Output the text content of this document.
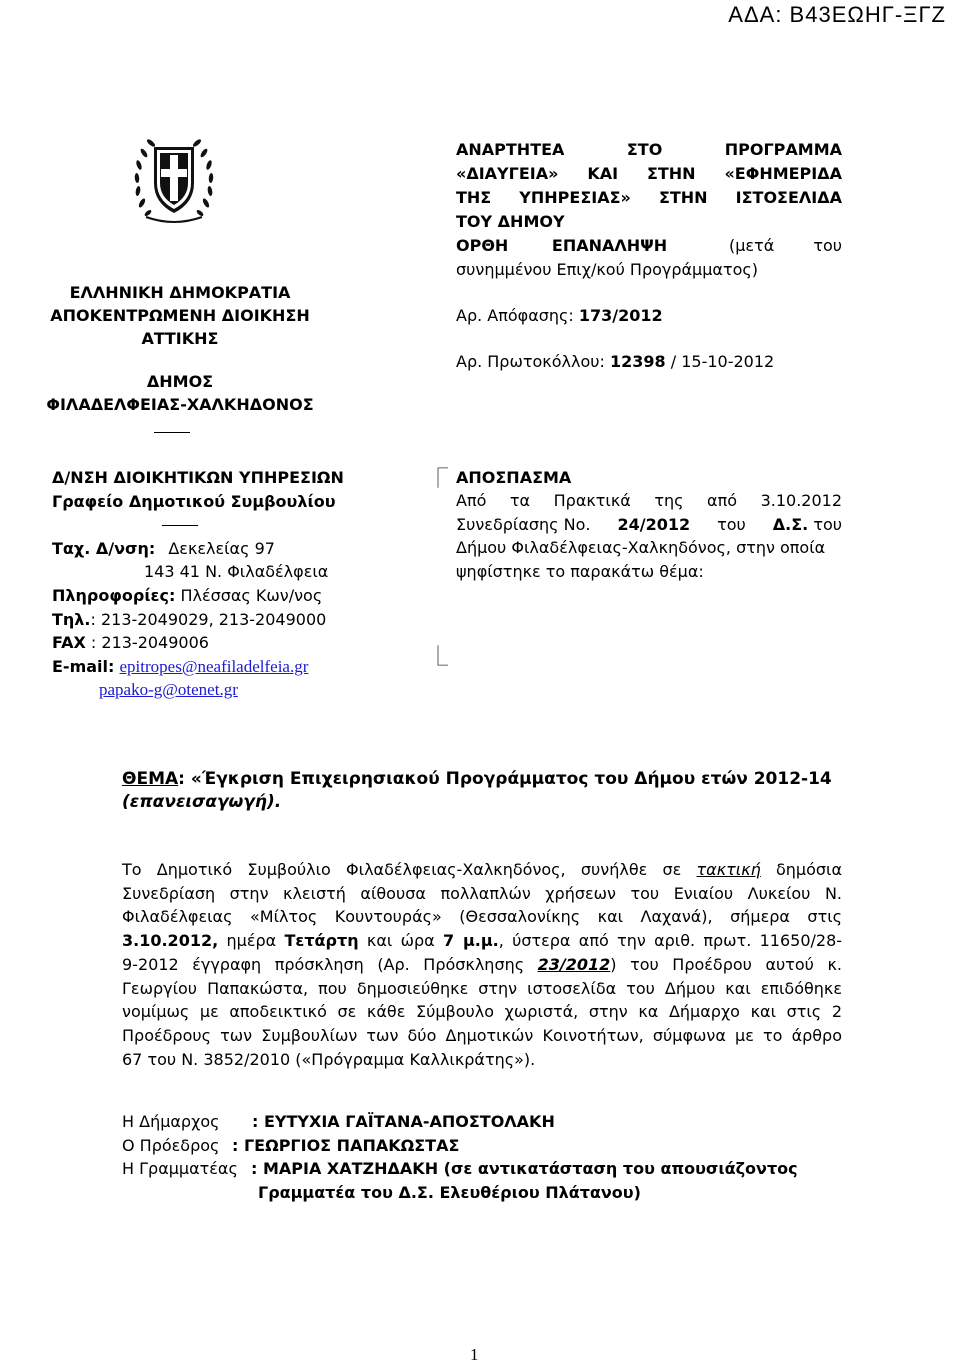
ΑΔΑ: Β43ΕΩΗΓ-ΞΓΖ
ΕΛΛΗΝΙΚΗ ΔΗΜΟΚΡΑΤΙΑ
ΑΠΟΚΕΝΤΡΩΜΕΝΗ ΔΙΟΙΚΗΣΗ
ΑΤΤΙΚΗΣ
ΔΗΜΟΣ
ΦΙΛΑΔΕΛΦΕΙΑΣ-ΧΑΛΚΗΔΟΝΟΣ
ΑΝΑΡΤΗΤΕΑ	ΣΤΟ	ΠΡΟΓΡΑΜΜΑ
«ΔΙΑΥΓΕΙΑ» ΚΑΙ ΣΤΗΝ «ΕΦΗΜΕΡΙΔΑ
ΤΗΣ ΥΠΗΡΕΣΙΑΣ» ΣΤΗΝ ΙΣΤΟΣΕΛΙΔΑ
ΤΟΥ ΔΗΜΟΥ
ΟΡΘΗ ΕΠΑΝΑΛΗΨΗ	(μετά του
συνημμένου Επιχ/κού Προγράμματος)
Αρ. Απόφασης: 173/2012
Αρ. Πρωτοκόλλου: 12398 / 15-10-2012
Δ/ΝΣΗ ΔΙΟΙΚΗΤΙΚΩΝ ΥΠΗΡΕΣΙΩΝ
Γραφείο Δημοτικού Συμβουλίου
Ταχ. Δ/νση: Δεκελείας 97
143 41 Ν. Φιλαδέλφεια
Πληροφορίες: Πλέσσας Κων/νος
Τηλ.: 213-2049029, 213-2049000
FAX : 213-2049006
E-mail: epitropes@neafiladelfeia.gr
papako-g@otenet.gr
⎾
⎿
ΑΠΟΣΠΑΣΜΑ
Από τα Πρακτικά της από 3.10.2012
Συνεδρίασης Νο. 24/2012 του Δ.Σ. του
Δήμου Φιλαδέλφειας-Χαλκηδόνος, στην οποία
ψηφίστηκε το παρακάτω θέμα:
ΘΕΜΑ: «Έγκριση Επιχειρησιακού Προγράμματος του Δήμου ετών 2012-14
(επανεισαγωγή).
Το Δημοτικό Συμβούλιο Φιλαδέλφειας-Χαλκηδόνος, συνήλθε σε τακτική δημόσια
Συνεδρίαση στην κλειστή αίθουσα πολλαπλών χρήσεων του Ενιαίου Λυκείου Ν.
Φιλαδέλφειας «Μίλτος Κουντουράς» (Θεσσαλονίκης και Λαχανά), σήμερα στις
3.10.2012, ημέρα Τετάρτη και ώρα 7 μ.μ., ύστερα από την αριθ. πρωτ. 11650/28-
9-2012 έγγραφη πρόσκληση (Αρ. Πρόσκλησης 23/2012) του Προέδρου αυτού κ.
Γεωργίου Παπακώστα, που δημοσιεύθηκε στην ιστοσελίδα του Δήμου και επιδόθηκε
νομίμως με αποδεικτικό σε κάθε Σύμβουλο χωριστά, στην κα Δήμαρχο και στις 2
Προέδρους των Συμβουλίων των δύο Δημοτικών Κοινοτήτων, σύμφωνα με το άρθρο
67 του Ν. 3852/2010 («Πρόγραμμα Καλλικράτης»).
Η Δήμαρχος : ΕΥΤΥΧΙΑ ΓΑΪΤΑΝΑ-ΑΠΟΣΤΟΛΑΚΗ
Ο Πρόεδρος : ΓΕΩΡΓΙΟΣ ΠΑΠΑΚΩΣΤΑΣ
Η Γραμματέας : ΜΑΡΙΑ ΧΑΤΖΗΔΑΚΗ (σε αντικατάσταση του απουσιάζοντος
Γραμματέα του Δ.Σ. Ελευθέριου Πλάτανου)
1
